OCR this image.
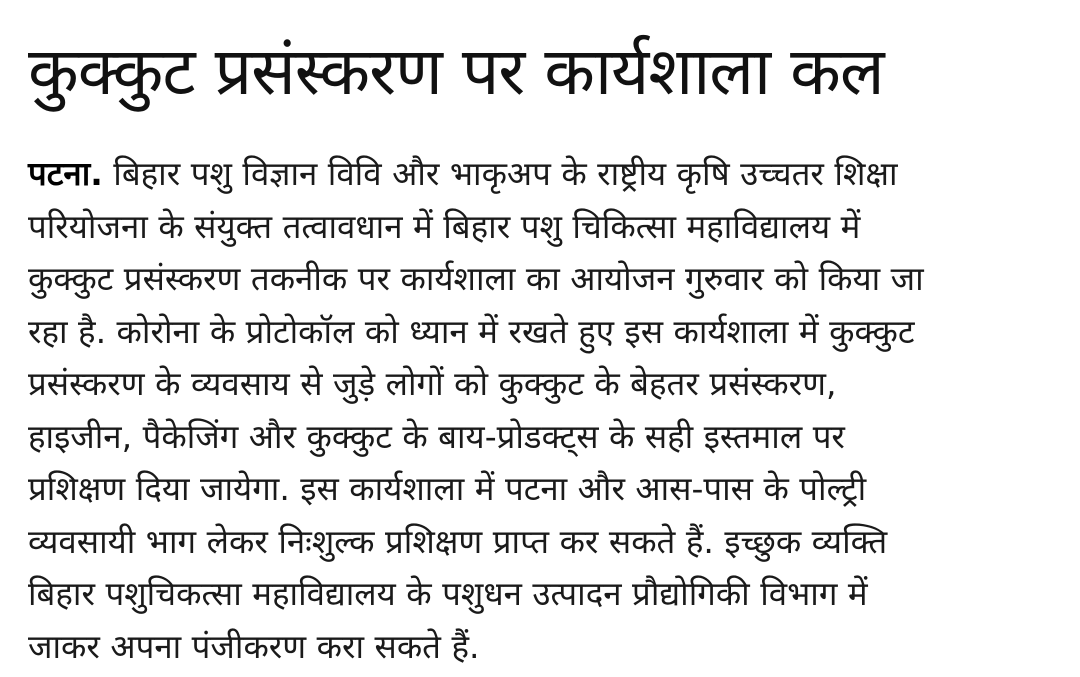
कुक्कुट प्रसंस्करण पर कार्यशाला कल
पटना. बिहार पशु विज्ञान विवि और भाकृअप के राष्ट्रीय कृषि उच्चतर शिक्षा
परियोजना के संयुक्त तत्वावधान में बिहार पशु चिकित्सा महाविद्यालय में
कुक्कुट प्रसंस्करण तकनीक पर कार्यशाला का आयोजन गुरुवार को किया जा
रहा है. कोरोना के प्रोटोकॉल को ध्यान में रखते हुए इस कार्यशाला में कुक्कुट
प्रसंस्करण के व्यवसाय से जुड़े लोगों को कुक्कुट के बेहतर प्रसंस्करण,
हाइजीन, पैकेजिंग और कुक्कुट के बाय-प्रोडक्ट्स के सही इस्तमाल पर
प्रशिक्षण दिया जायेगा. इस कार्यशाला में पटना और आस-पास के पोल्ट्री
व्यवसायी भाग लेकर निःशुल्क प्रशिक्षण प्राप्त कर सकते हैं. इच्छुक व्यक्ति
बिहार पशुचिकत्सा महाविद्यालय के पशुधन उत्पादन प्रौद्योगिकी विभाग में
जाकर अपना पंजीकरण करा सकते हैं.
